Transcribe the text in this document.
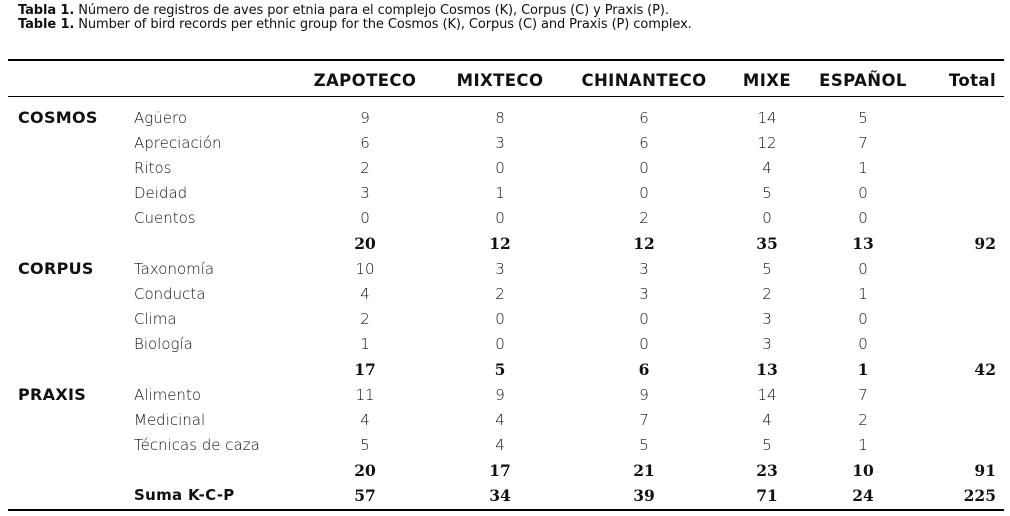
Tabla 1. Número de registros de aves por etnia para el complejo Cosmos (K), Corpus (C) y Praxis (P).
Table 1. Number of bird records per ethnic group for the Cosmos (K), Corpus (C) and Praxis (P) complex.
		ZAPOTECO	MIXTECO	CHINANTECO	MIXE	ESPAÑOL	Total

COSMOS	Agüero	9	8	6	14	5	
	Apreciación	6	3	6	12	7	
	Ritos	2	0	0	4	1	
	Deidad	3	1	0	5	0	
	Cuentos	0	0	2	0	0	
		20	12	12	35	13	92
CORPUS	Taxonomía	10	3	3	5	0	
	Conducta	4	2	3	2	1	
	Clima	2	0	0	3	0	
	Biología	1	0	0	3	0	
		17	5	6	13	1	42
PRAXIS	Alimento	11	9	9	14	7	
	Medicinal	4	4	7	4	2	
	Técnicas de caza	5	4	5	5	1	
		20	17	21	23	10	91
	Suma K-C-P	57	34	39	71	24	225
